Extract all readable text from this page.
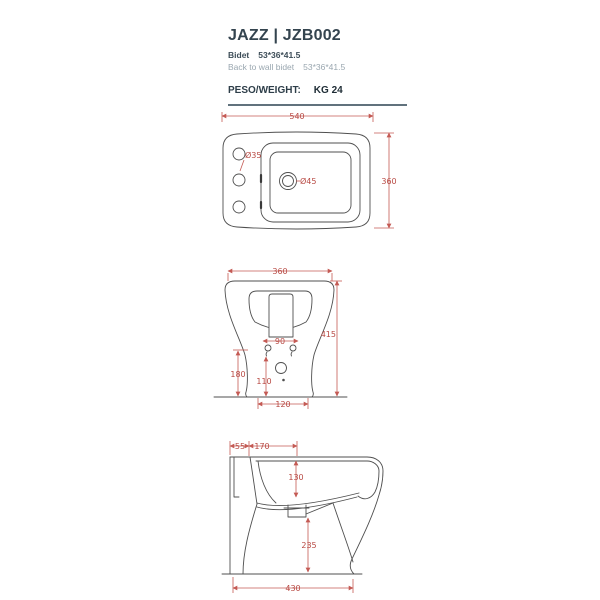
JAZZ | JZB002
Bidet 53*36*41.5
Back to wall bidet 53*36*41.5
PESO/WEIGHT: KG 24
540
360
Ø35
Ø45
360
90
180
110
415
120
55 170
130
235
430
